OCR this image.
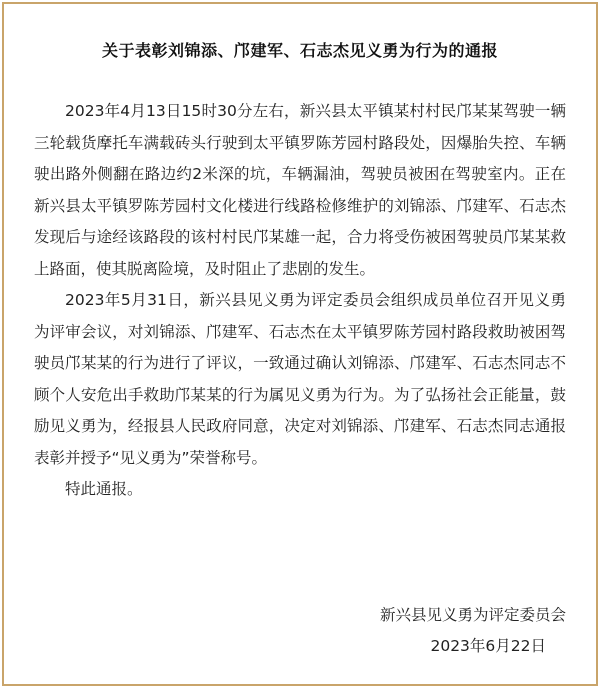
关于表彰刘锦添、邝建军、石志杰见义勇为行为的通报

2023年4月13日15时30分左右，新兴县太平镇某村村民邝某某驾驶一辆三轮载货摩托车满载砖头行驶到太平镇罗陈芳园村路段处，因爆胎失控、车辆驶出路外侧翻在路边约2米深的坑，车辆漏油，驾驶员被困在驾驶室内。正在新兴县太平镇罗陈芳园村文化楼进行线路检修维护的刘锦添、邝建军、石志杰发现后与途经该路段的该村村民邝某雄一起，合力将受伤被困驾驶员邝某某救上路面，使其脱离险境，及时阻止了悲剧的发生。

2023年5月31日，新兴县见义勇为评定委员会组织成员单位召开见义勇为评审会议，对刘锦添、邝建军、石志杰在太平镇罗陈芳园村路段救助被困驾驶员邝某某的行为进行了评议，一致通过确认刘锦添、邝建军、石志杰同志不顾个人安危出手救助邝某某的行为属见义勇为行为。为了弘扬社会正能量，鼓励见义勇为，经报县人民政府同意，决定对刘锦添、邝建军、石志杰同志通报表彰并授予“见义勇为”荣誉称号。

特此通报。

新兴县见义勇为评定委员会
2023年6月22日
